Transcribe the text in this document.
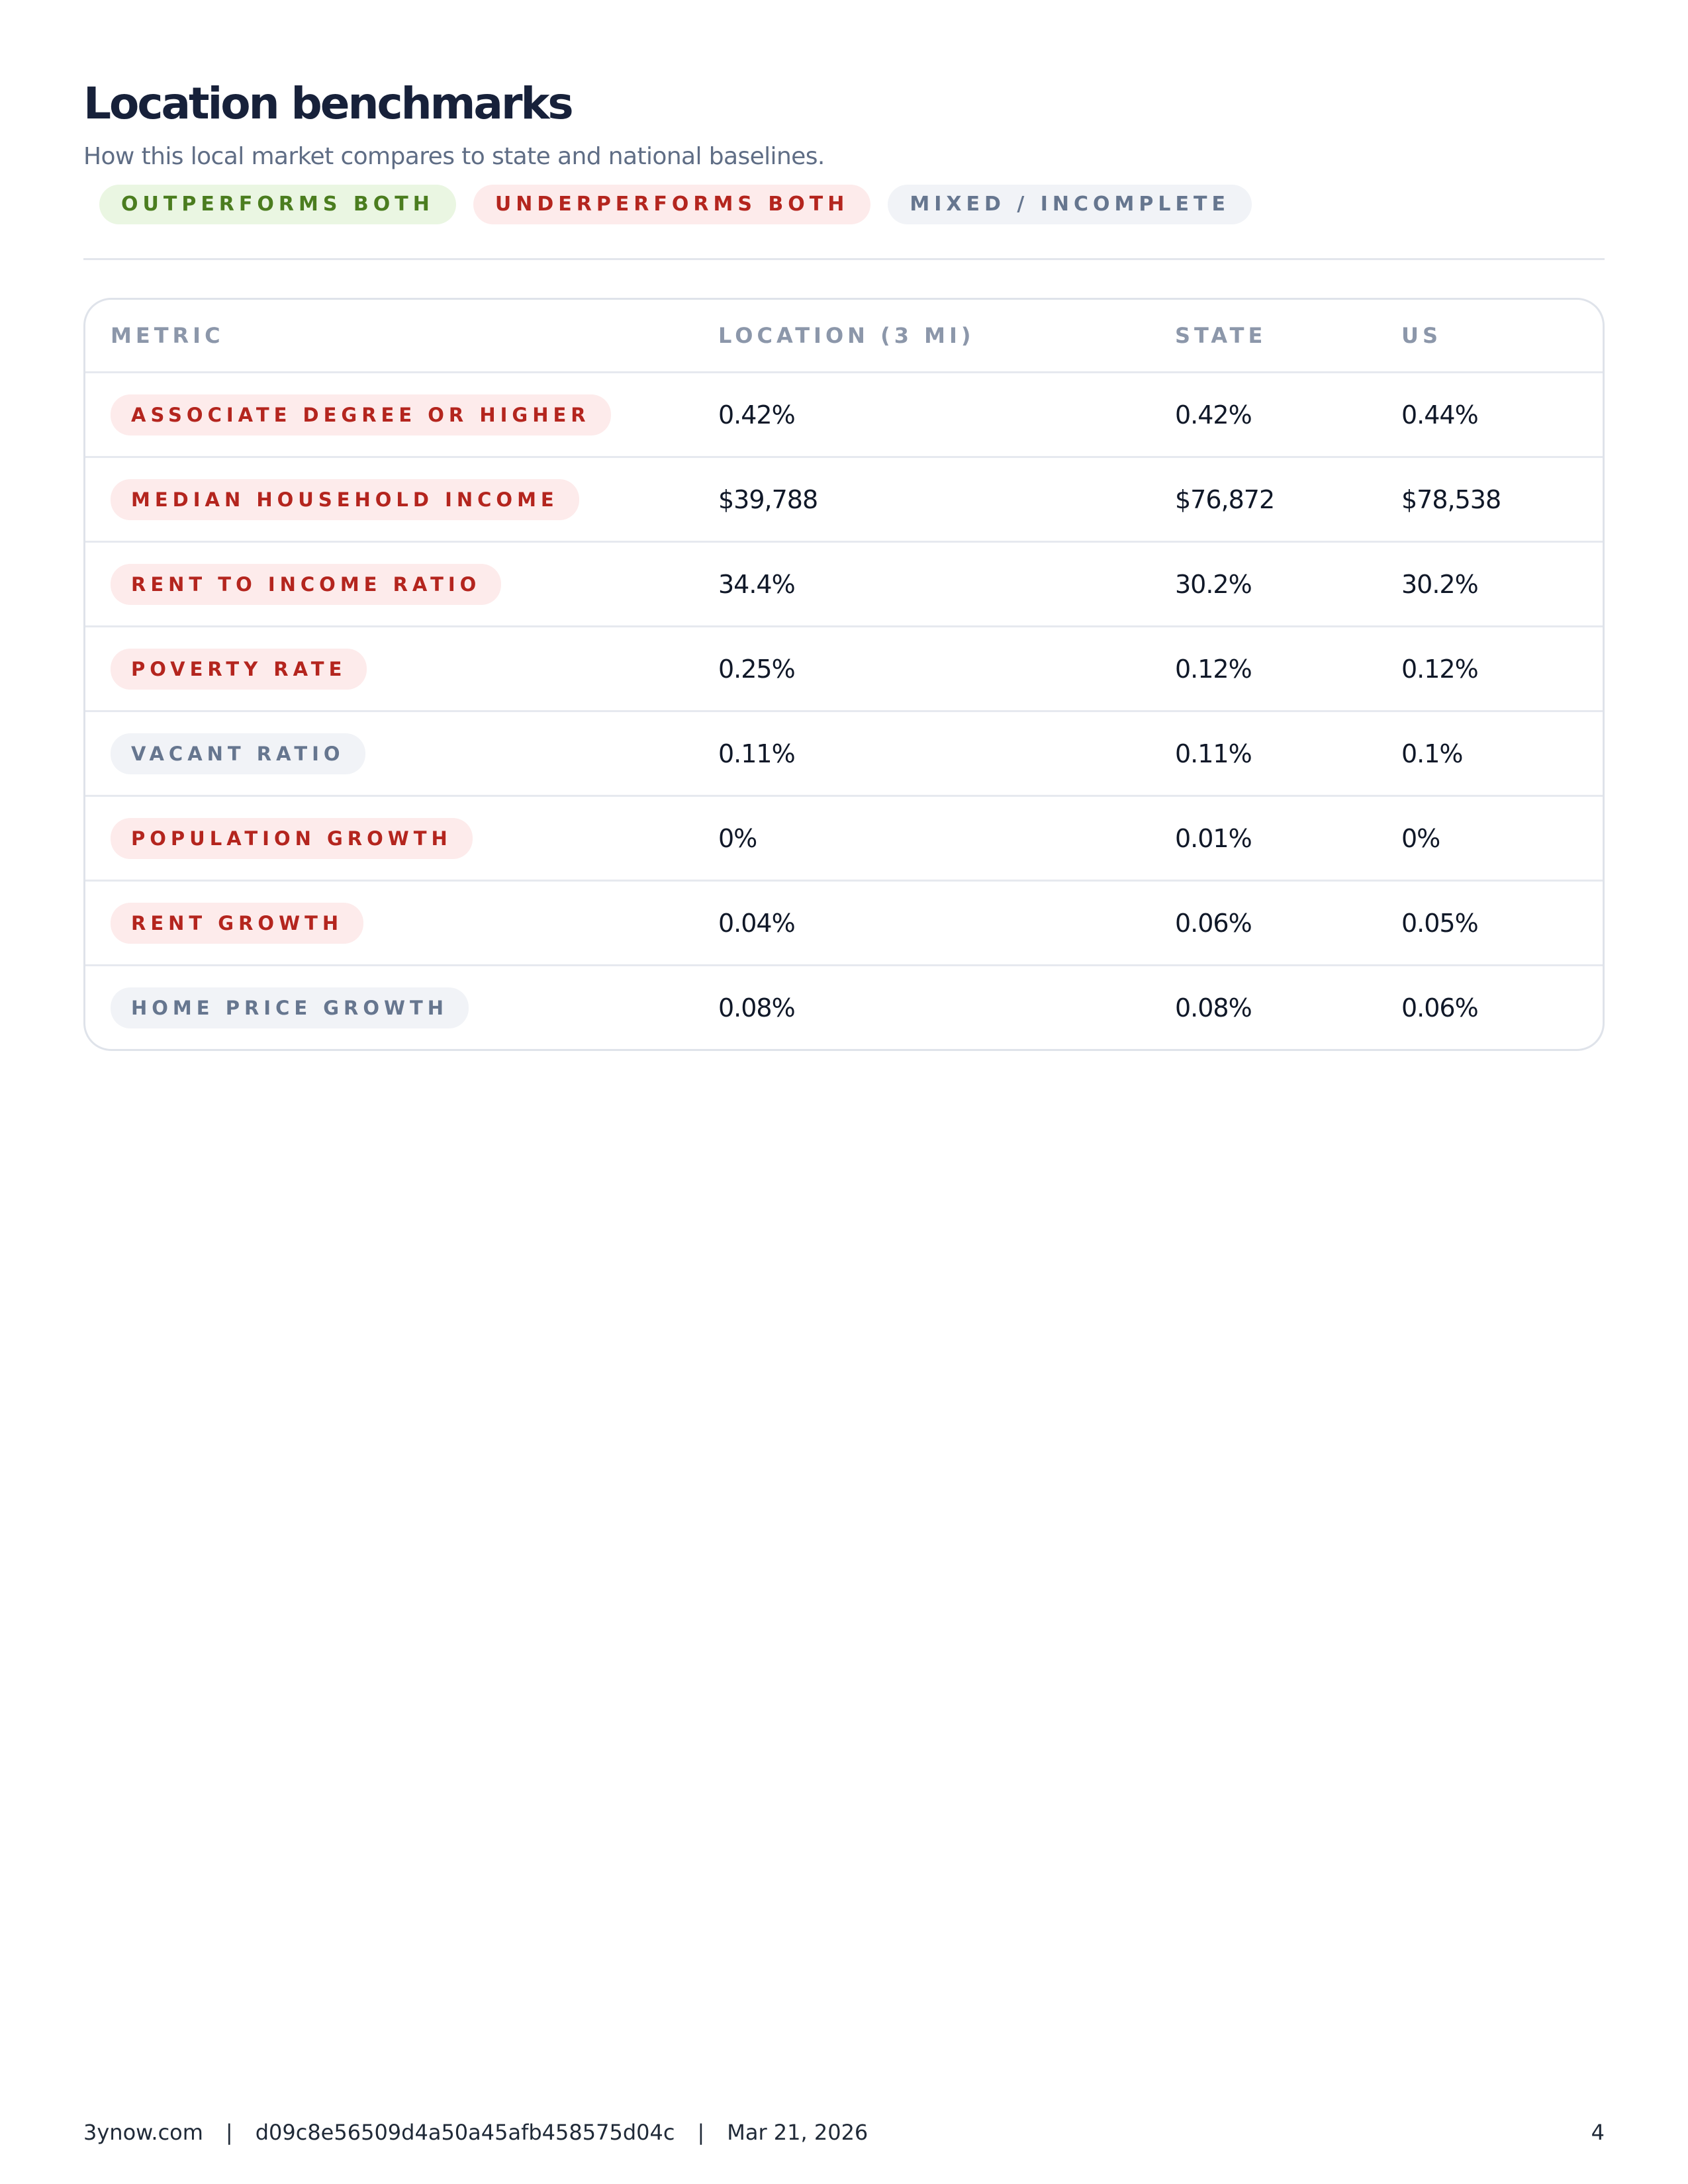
Location benchmarks

How this local market compares to state and national baselines.

OUTPERFORMS BOTH	UNDERPERFORMS BOTH	MIXED / INCOMPLETE
METRIC	LOCATION (3 MI)	STATE	US
ASSOCIATE DEGREE OR HIGHER	0.42%	0.42%	0.44%
MEDIAN HOUSEHOLD INCOME	$39,788	$76,872	$78,538
RENT TO INCOME RATIO	34.4%	30.2%	30.2%
POVERTY RATE	0.25%	0.12%	0.12%
VACANT RATIO	0.11%	0.11%	0.1%
POPULATION GROWTH	0%	0.01%	0%
RENT GROWTH	0.04%	0.06%	0.05%
HOME PRICE GROWTH	0.08%	0.08%	0.06%
3ynow.com | d09c8e56509d4a50a45afb458575d04c | Mar 21, 2026	4
